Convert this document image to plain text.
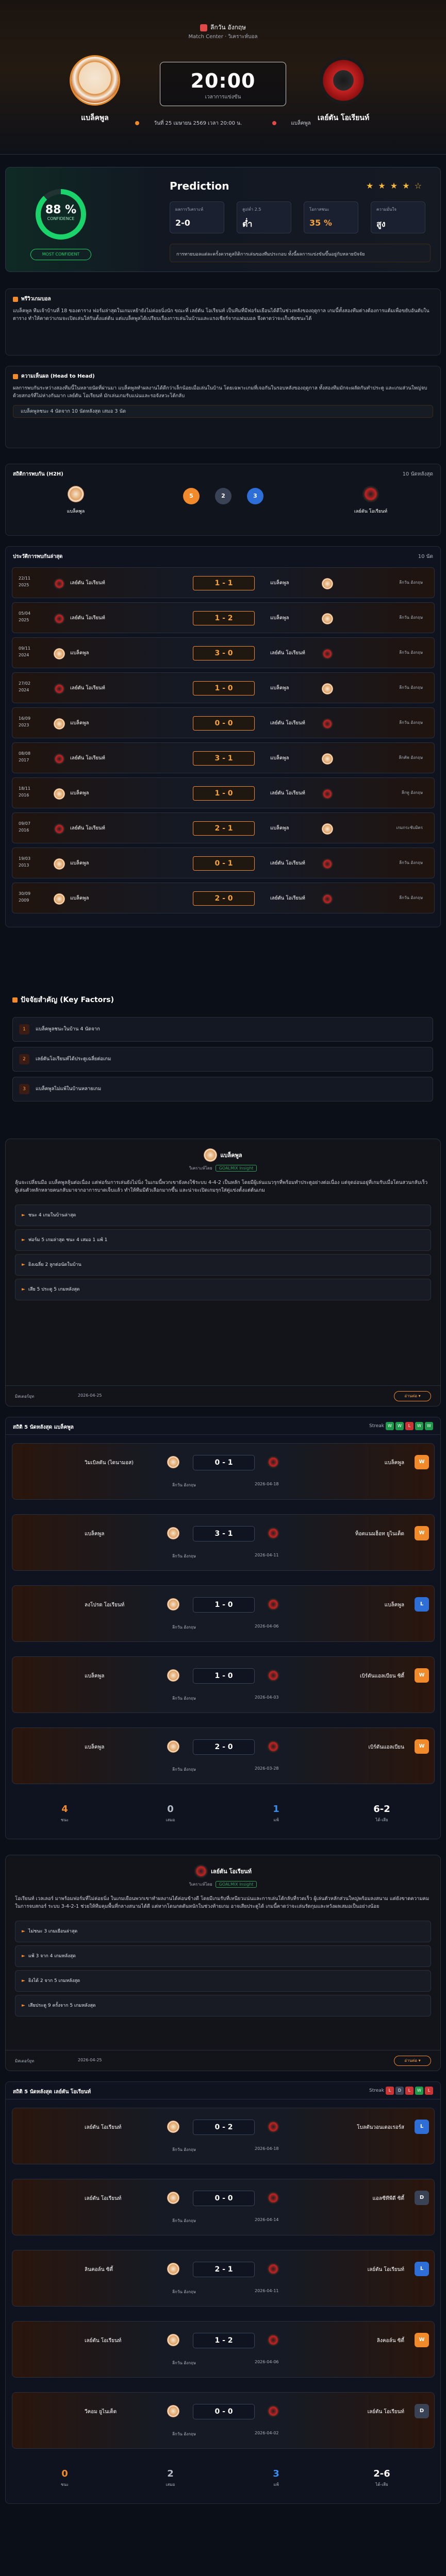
ลีกวัน อังกฤษ
Match Center · วิเคราะห์บอล
แบล็คพูล	เลย์ตัน โอเรียนท์
20:00
เวลาการแข่งขัน
วันที่ 25 เมษายน 2569 เวลา 20:00 น.	แบล็คพูล
88 %
CONFIDENCE
MOST CONFIDENT
Prediction	★ ★ ★ ★ ☆
ผลการวิเคราะห์
2-0
สูง/ต่ำ 2.5
ต่ำ
โอกาสชนะ
35 %
ความมั่นใจ
สูง
การทายบอลแต่ละครั้งควรดูสถิติการเล่นของทีมประกอบ ทั้งนี้ผลการแข่งขันขึ้นอยู่กับหลายปัจจัย
พรีวิวเกมบอล
แบล็คพูล ทีมเจ้าบ้านที่ 18 ของตาราง ฟอร์มล่าสุดในเกมเหย้ายังไม่ค่อยนิ่งนัก ขณะที่ เลย์ตัน โอเรียนท์ เป็นทีมที่มีฟอร์มเยือนได้ดีในช่วงหลังของฤดูกาล เกมนี้ทั้งสองทีมต่างต้องการแต้มเพื่อขยับอันดับในตาราง ทำให้คาดว่าเกมจะเปิดเล่นใส่กันตั้งแต่ต้น แต่แบล็คพูลได้เปรียบเรื่องการเล่นในบ้านและแรงเชียร์จากแฟนบอล จึงคาดว่าจะเก็บชัยชนะได้
ความเห็นผล (Head to Head)
ผลการพบกันระหว่างสองทีมนี้ในหลายนัดที่ผ่านมา แบล็คพูลทำผลงานได้ดีกว่าเล็กน้อยเมื่อเล่นในบ้าน โดยเฉพาะเกมที่เจอกันในรอบหลังของฤดูกาล ทั้งสองทีมมักจะผลัดกันทำประตู และเกมส่วนใหญ่จบด้วยสกอร์ที่ไม่ห่างกันมาก เลย์ตัน โอเรียนท์ มักเล่นเกมรับแน่นและรอจังหวะโต้กลับ
แบล็คพูลชนะ 4 นัดจาก 10 นัดหลังสุด เสมอ 3 นัด
สถิติการพบกัน (H2H)	10 นัดหลังสุด
แบล็คพูล	เลย์ตัน โอเรียนท์
5	2	3
ประวัติการพบกันล่าสุด	10 นัด
22/11 2025	เลย์ตัน โอเรียนท์	1 - 1	แบล็คพูล	ลีกวัน อังกฤษ
05/04 2025	เลย์ตัน โอเรียนท์	1 - 2	แบล็คพูล	ลีกวัน อังกฤษ
09/11 2024	แบล็คพูล	3 - 0	เลย์ตัน โอเรียนท์	ลีกวัน อังกฤษ
27/02 2024	เลย์ตัน โอเรียนท์	1 - 0	แบล็คพูล	ลีกวัน อังกฤษ
16/09 2023	แบล็คพูล	0 - 0	เลย์ตัน โอเรียนท์	ลีกวัน อังกฤษ
08/08 2017	เลย์ตัน โอเรียนท์	3 - 1	แบล็คพูล	ลีกคัพ อังกฤษ
18/11 2016	แบล็คพูล	1 - 0	เลย์ตัน โอเรียนท์	ลีกทู อังกฤษ
09/07 2016	เลย์ตัน โอเรียนท์	2 - 1	แบล็คพูล	เกมกระชับมิตร
19/03 2013	แบล็คพูล	0 - 1	เลย์ตัน โอเรียนท์	ลีกวัน อังกฤษ
30/09 2009	แบล็คพูล	2 - 0	เลย์ตัน โอเรียนท์	ลีกวัน อังกฤษ
ปัจจัยสำคัญ (Key Factors)
1	แบล็คพูลชนะในบ้าน 4 นัดจาก
2	เลย์ตันโอเรียนท์ได้ประตูเฉลี่ยต่อเกม
3	แบล็คพูลไม่แพ้ในบ้านหลายเกม
แบล็คพูล
วิเคราะห์โดย GOALMIX Insight
ลุ้นจะเปลี่ยนมือ แบล็คพูลลุ้นต่อเนื่อง แต่ฟอร์มการเล่นยังไม่นิ่ง ในเกมนี้พวกเขายังคงใช้ระบบ 4-4-2 เป็นหลัก โดยมีผู้เล่นแนวรุกที่พร้อมทำประตูอย่างต่อเนื่อง แต่จุดอ่อนอยู่ที่เกมรับเมื่อโดนสวนกลับเร็ว ผู้เล่นตัวหลักหลายคนกลับมาจากอาการบาดเจ็บแล้ว ทำให้ทีมมีตัวเลือกมากขึ้น และน่าจะเปิดเกมรุกใส่คู่แข่งตั้งแต่ต้นเกม
► ชนะ 4 เกมในบ้านล่าสุด
► ฟอร์ม 5 เกมล่าสุด ชนะ 4 เสมอ 1 แพ้ 1
► ยิงเฉลี่ย 2 ลูกต่อนัดในบ้าน
► เสีย 5 ประตู 5 เกมหลังสุด
มิสเตอร์ยุท	2026-04-25	อ่านต่อ ▾
สถิติ 5 นัดหลังสุด แบล็คพูล	Streak W W L W W
วิมเบิลดัน (ไดนามอส)	0 - 1	แบล็คพูล	W
ลีกวัน อังกฤษ	2026-04-18
แบล็คพูล	3 - 1	ท็อตแนมฮ็อท ยูไนเต็ด	W
ลีกวัน อังกฤษ	2026-04-11
ลงโปรด โอเรียนท์	1 - 0	แบล็คพูล	L
ลีกวัน อังกฤษ	2026-04-06
แบล็คพูล	1 - 0	เบิร์ตันแอลเบียน ซิตี้	W
ลีกวัน อังกฤษ	2026-04-03
แบล็คพูล	2 - 0	เบิร์ตันแอลเบียน	W
ลีกวัน อังกฤษ	2026-03-28
4
ชนะ
0
เสมอ
1
แพ้
6-2
ได้-เสีย
เลย์ตัน โอเรียนท์
วิเคราะห์โดย GOALMIX Insight
โอเรียนท์ เวลเลอร์ มาพร้อมฟอร์มที่ไม่ค่อยนิ่ง ในเกมเยือนพวกเขาทำผลงานได้ค่อนข้างดี โดยมีเกมรับที่เหนียวแน่นและการเล่นโต้กลับที่รวดเร็ว ผู้เล่นตัวหลักส่วนใหญ่พร้อมลงสนาม แต่ยังขาดความคมในการจบสกอร์ ระบบ 3-4-2-1 ช่วยให้ทีมคุมพื้นที่กลางสนามได้ดี แต่หากโดนกดดันหนักในช่วงท้ายเกม อาจเสียประตูได้ เกมนี้คาดว่าจะเล่นรัดกุมและหวังผลเสมอเป็นอย่างน้อย
► ไม่ชนะ 3 เกมเยือนล่าสุด
► แพ้ 3 จาก 4 เกมหลังสุด
► ยิงได้ 2 จาก 5 เกมหลังสุด
► เสียประตู 9 ครั้งจาก 5 เกมหลังสุด
มิสเตอร์ยุท	2026-04-25	อ่านต่อ ▾
สถิติ 5 นัดหลังสุด เลย์ตัน โอเรียนท์	Streak L D L W L
เลย์ตัน โอเรียนท์	0 - 2	โบลตันวอนเดอเรอร์ส	L
ลีกวัน อังกฤษ	2026-04-18
เลย์ตัน โอเรียนท์	0 - 0	แอลซีทีพีดี ซิตี้	D
ลีกวัน อังกฤษ	2026-04-14
ลินคอล์น ซิตี้	2 - 1	เลย์ตัน โอเรียนท์	L
ลีกวัน อังกฤษ	2026-04-11
เลย์ตัน โอเรียนท์	1 - 2	ลิงคอล์น ซิตี้	W
ลีกวัน อังกฤษ	2026-04-06
วีคอม ยูไนเต็ด	0 - 0	เลย์ตัน โอเรียนท์	D
ลีกวัน อังกฤษ	2026-04-02
0
ชนะ
2
เสมอ
3
แพ้
2-6
ได้-เสีย
